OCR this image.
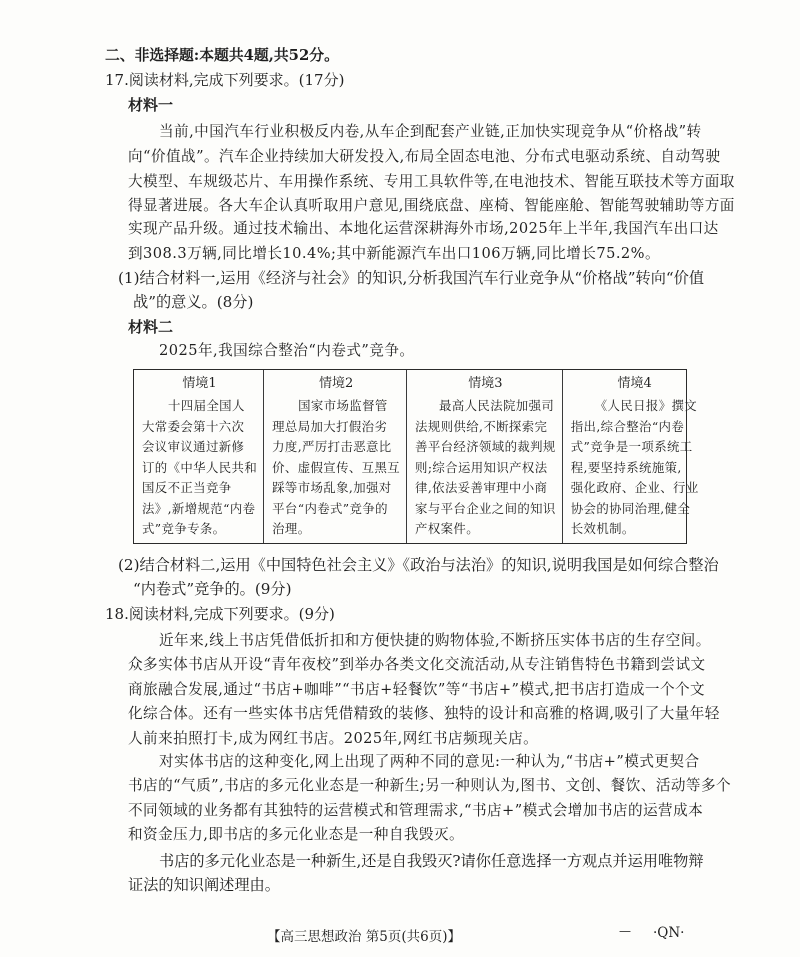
二、非选择题:本题共4题,共52分。
17.阅读材料,完成下列要求。(17分)
材料一
当前,中国汽车行业积极反内卷,从车企到配套产业链,正加快实现竞争从“价格战”转
向“价值战”。汽车企业持续加大研发投入,布局全固态电池、分布式电驱动系统、自动驾驶
大模型、车规级芯片、车用操作系统、专用工具软件等,在电池技术、智能互联技术等方面取
得显著进展。各大车企认真听取用户意见,围绕底盘、座椅、智能座舱、智能驾驶辅助等方面
实现产品升级。通过技术输出、本地化运营深耕海外市场,2025年上半年,我国汽车出口达
到308.3万辆,同比增长10.4%;其中新能源汽车出口106万辆,同比增长75.2%。
(1)结合材料一,运用《经济与社会》的知识,分析我国汽车行业竞争从“价格战”转向“价值
战”的意义。(8分)
材料二
2025年,我国综合整治“内卷式”竞争。
情境1
十四届全国人
大常委会第十六次
会议审议通过新修
订的《中华人民共和
国反不正当竞争
法》,新增规范“内卷
式”竞争专条。
情境2
国家市场监督管
理总局加大打假治劣
力度,严厉打击恶意比
价、虚假宣传、互黑互
踩等市场乱象,加强对
平台“内卷式”竞争的
治理。
情境3
最高人民法院加强司
法规则供给,不断探索完
善平台经济领域的裁判规
则;综合运用知识产权法
律,依法妥善审理中小商
家与平台企业之间的知识
产权案件。
情境4
《人民日报》撰文
指出,综合整治“内卷
式”竞争是一项系统工
程,要坚持系统施策,
强化政府、企业、行业
协会的协同治理,健全
长效机制。
(2)结合材料二,运用《中国特色社会主义》《政治与法治》的知识,说明我国是如何综合整治
“内卷式”竞争的。(9分)
18.阅读材料,完成下列要求。(9分)
近年来,线上书店凭借低折扣和方便快捷的购物体验,不断挤压实体书店的生存空间。
众多实体书店从开设“青年夜校”到举办各类文化交流活动,从专注销售特色书籍到尝试文
商旅融合发展,通过“书店+咖啡”“书店+轻餐饮”等“书店+”模式,把书店打造成一个个文
化综合体。还有一些实体书店凭借精致的装修、独特的设计和高雅的格调,吸引了大量年轻
人前来拍照打卡,成为网红书店。2025年,网红书店频现关店。
对实体书店的这种变化,网上出现了两种不同的意见:一种认为,“书店+”模式更契合
书店的“气质”,书店的多元化业态是一种新生;另一种则认为,图书、文创、餐饮、活动等多个
不同领域的业务都有其独特的运营模式和管理需求,“书店+”模式会增加书店的运营成本
和资金压力,即书店的多元化业态是一种自我毁灭。
书店的多元化业态是一种新生,还是自我毁灭?请你任意选择一方观点并运用唯物辩
证法的知识阐述理由。
【高三思想政治 第5页(共6页)】	— ·QN·
